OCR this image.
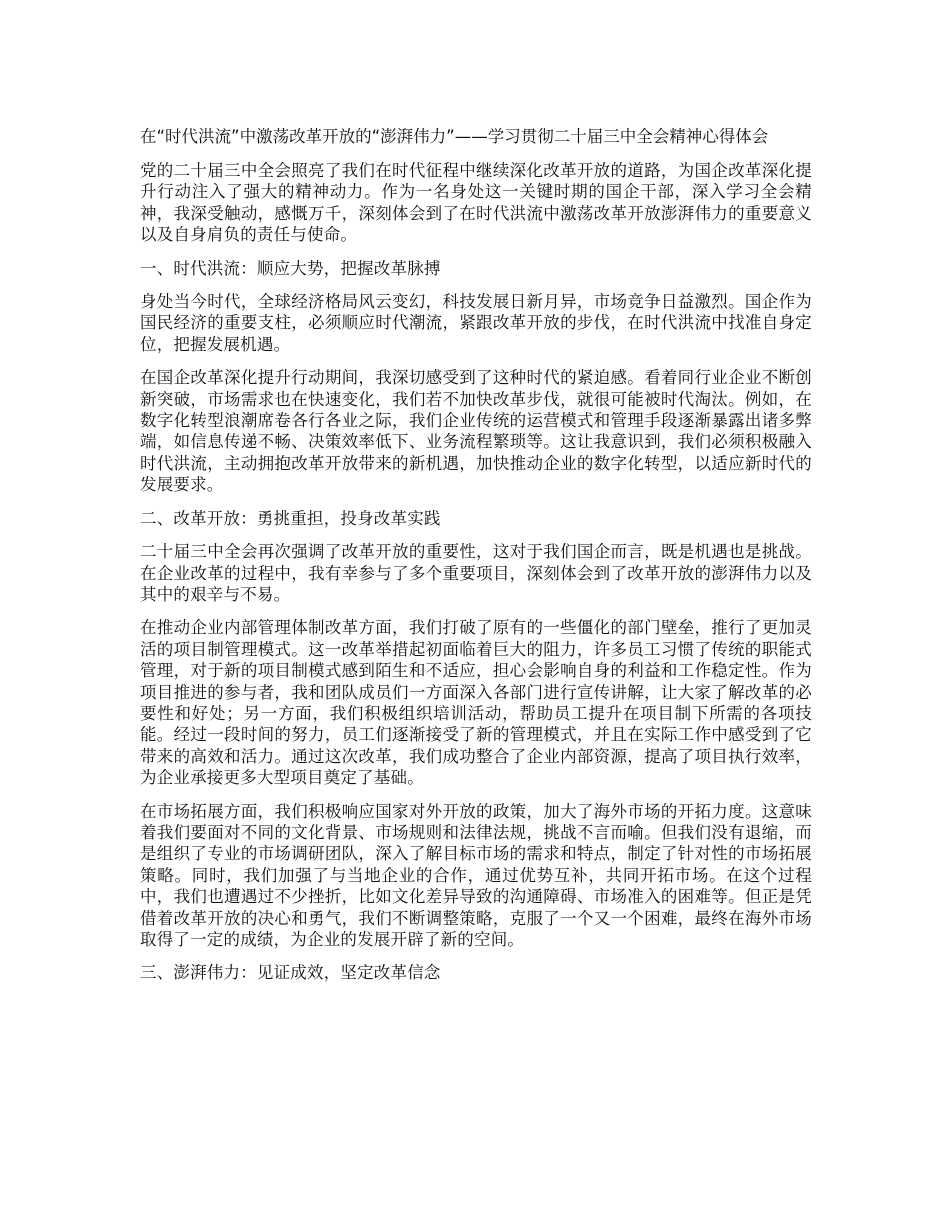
在“时代洪流”中激荡改革开放的“澎湃伟力”——学习贯彻二十届三中全会精神心得体会
党的二十届三中全会照亮了我们在时代征程中继续深化改革开放的道路，为国企改革深化提升行动注入了强大的精神动力。作为一名身处这一关键时期的国企干部，深入学习全会精神，我深受触动，感慨万千，深刻体会到了在时代洪流中激荡改革开放澎湃伟力的重要意义以及自身肩负的责任与使命。
一、时代洪流：顺应大势，把握改革脉搏
身处当今时代，全球经济格局风云变幻，科技发展日新月异，市场竞争日益激烈。国企作为国民经济的重要支柱，必须顺应时代潮流，紧跟改革开放的步伐，在时代洪流中找准自身定位，把握发展机遇。
在国企改革深化提升行动期间，我深切感受到了这种时代的紧迫感。看着同行业企业不断创新突破，市场需求也在快速变化，我们若不加快改革步伐，就很可能被时代淘汰。例如，在数字化转型浪潮席卷各行各业之际，我们企业传统的运营模式和管理手段逐渐暴露出诸多弊端，如信息传递不畅、决策效率低下、业务流程繁琐等。这让我意识到，我们必须积极融入时代洪流，主动拥抱改革开放带来的新机遇，加快推动企业的数字化转型，以适应新时代的发展要求。
二、改革开放：勇挑重担，投身改革实践
二十届三中全会再次强调了改革开放的重要性，这对于我们国企而言，既是机遇也是挑战。在企业改革的过程中，我有幸参与了多个重要项目，深刻体会到了改革开放的澎湃伟力以及其中的艰辛与不易。
在推动企业内部管理体制改革方面，我们打破了原有的一些僵化的部门壁垒，推行了更加灵活的项目制管理模式。这一改革举措起初面临着巨大的阻力，许多员工习惯了传统的职能式管理，对于新的项目制模式感到陌生和不适应，担心会影响自身的利益和工作稳定性。作为项目推进的参与者，我和团队成员们一方面深入各部门进行宣传讲解，让大家了解改革的必要性和好处；另一方面，我们积极组织培训活动，帮助员工提升在项目制下所需的各项技能。经过一段时间的努力，员工们逐渐接受了新的管理模式，并且在实际工作中感受到了它带来的高效和活力。通过这次改革，我们成功整合了企业内部资源，提高了项目执行效率，为企业承接更多大型项目奠定了基础。
在市场拓展方面，我们积极响应国家对外开放的政策，加大了海外市场的开拓力度。这意味着我们要面对不同的文化背景、市场规则和法律法规，挑战不言而喻。但我们没有退缩，而是组织了专业的市场调研团队，深入了解目标市场的需求和特点，制定了针对性的市场拓展策略。同时，我们加强了与当地企业的合作，通过优势互补，共同开拓市场。在这个过程中，我们也遭遇过不少挫折，比如文化差异导致的沟通障碍、市场准入的困难等。但正是凭借着改革开放的决心和勇气，我们不断调整策略，克服了一个又一个困难，最终在海外市场取得了一定的成绩，为企业的发展开辟了新的空间。
三、澎湃伟力：见证成效，坚定改革信念
